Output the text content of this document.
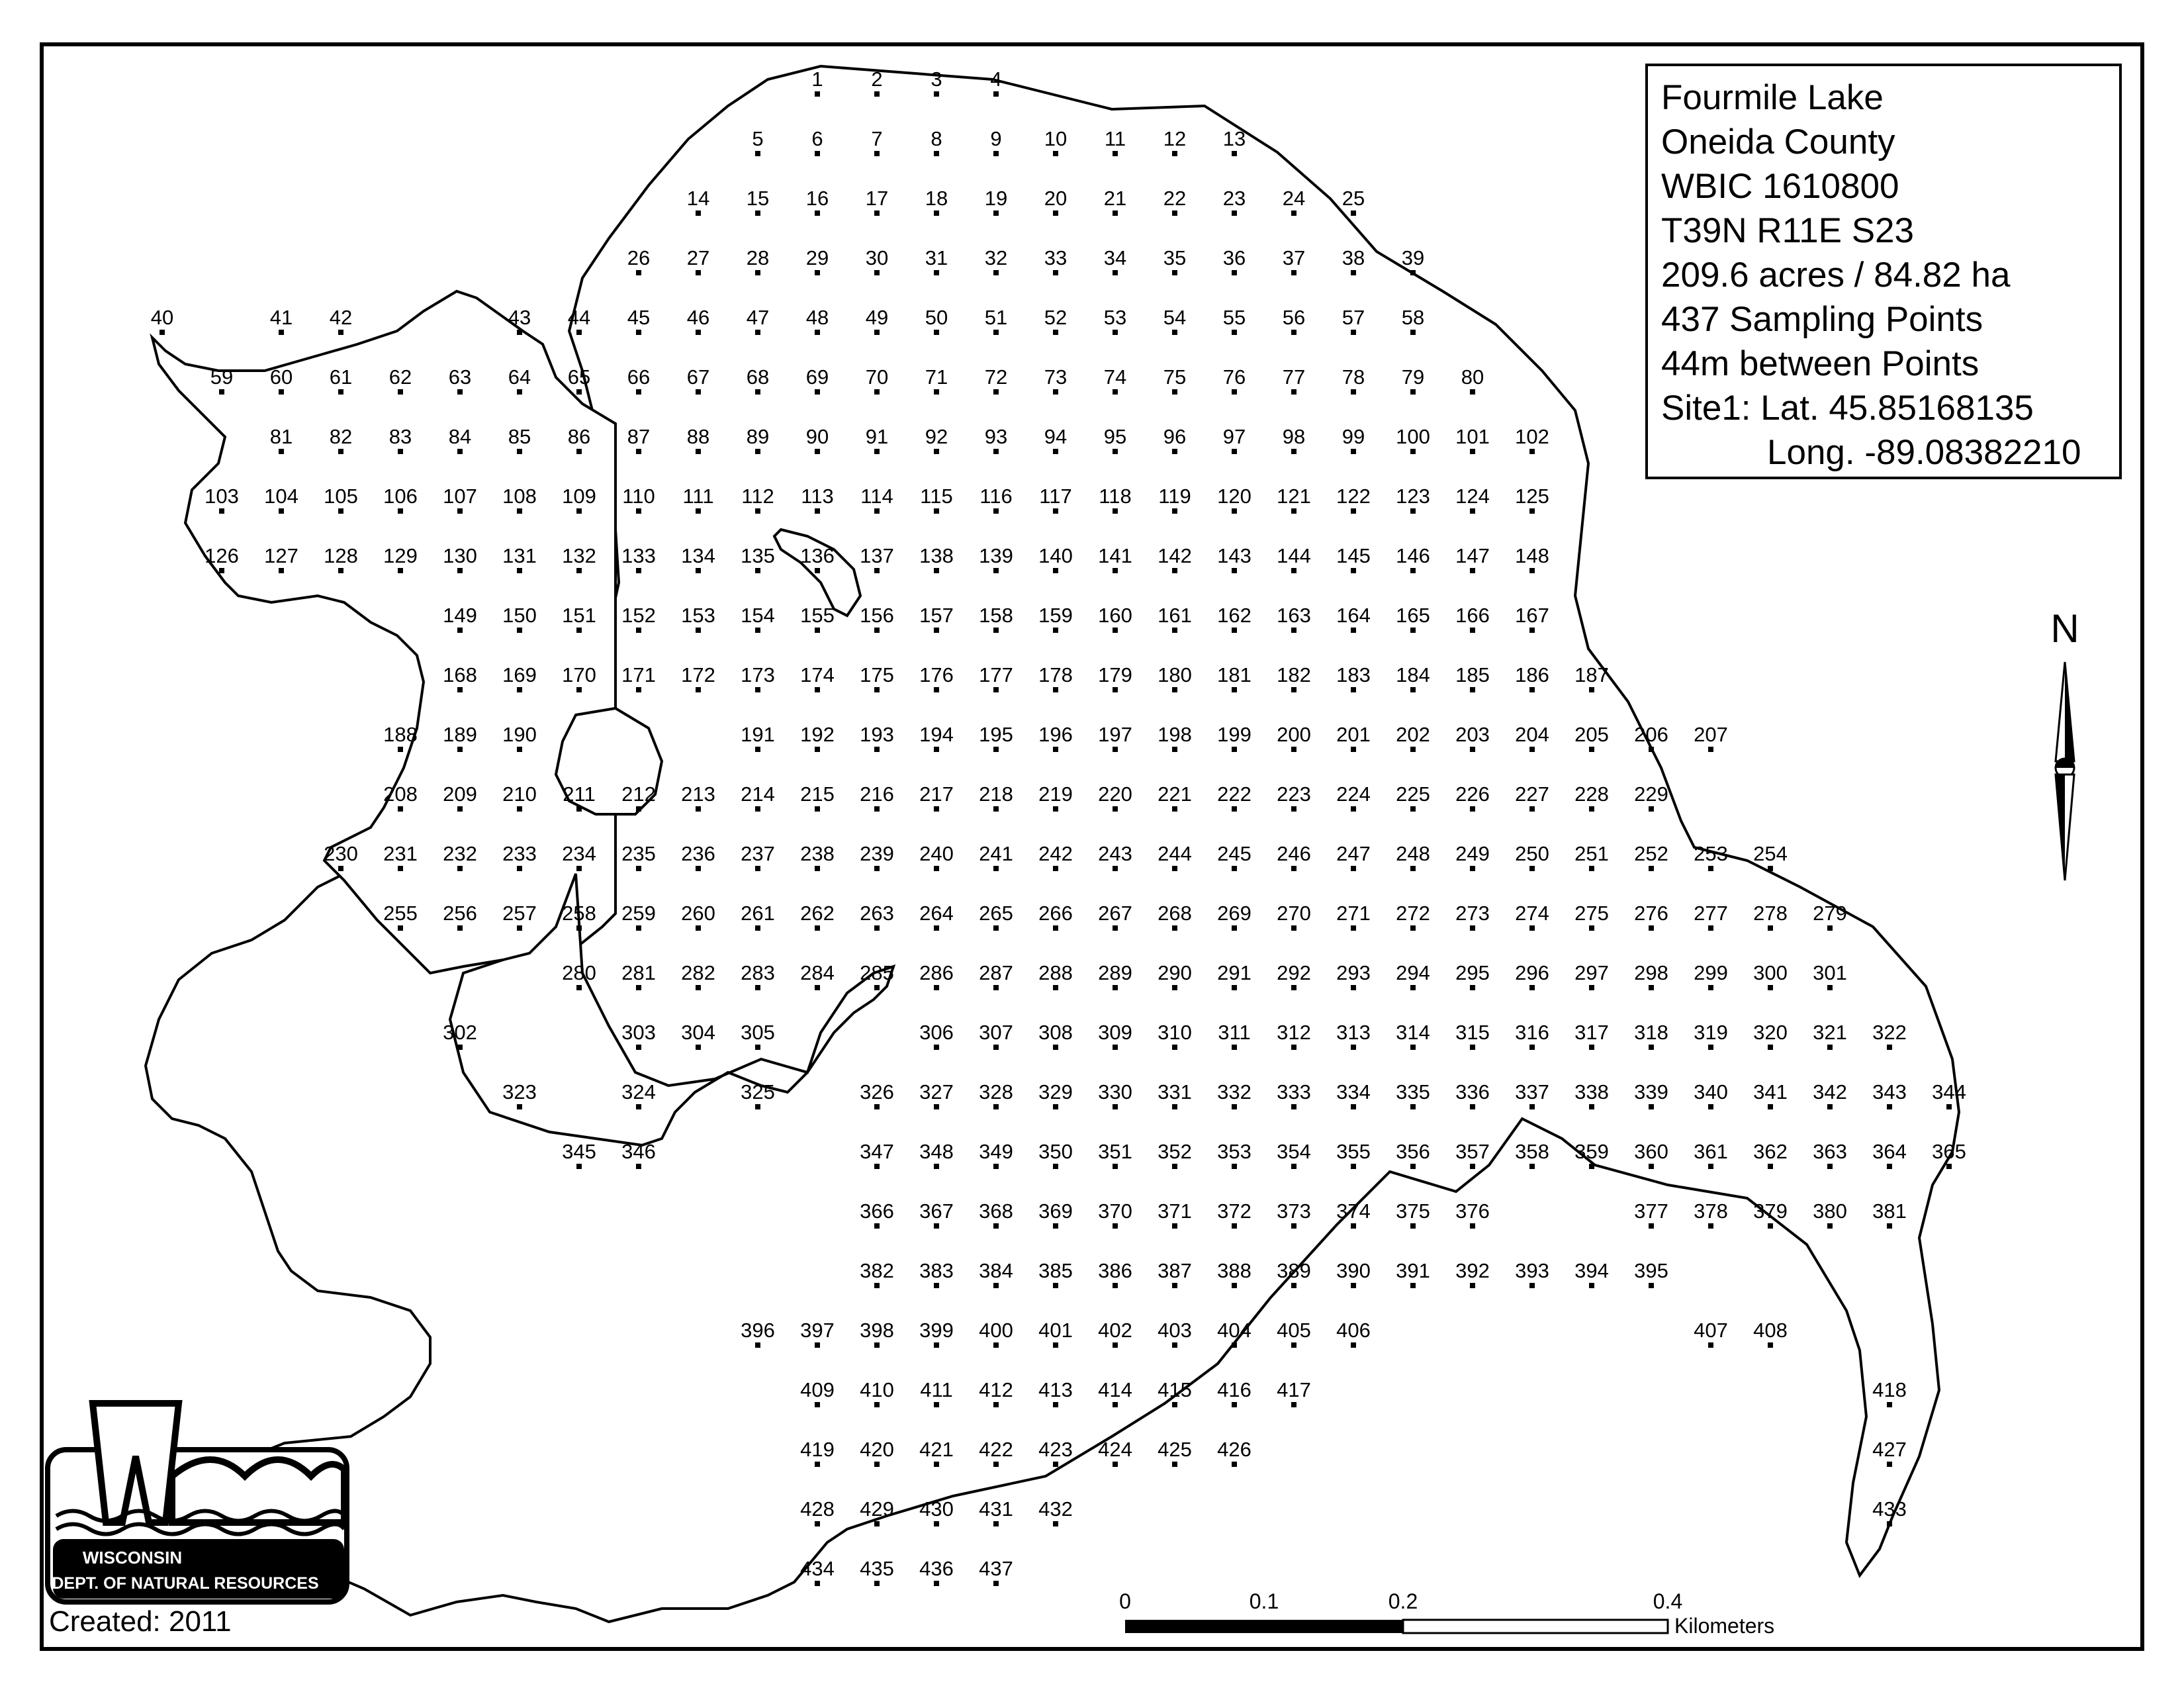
1 2 3 4
5 6 7 8 9 10 11 12 13
14 15 16 17 18 19 20 21 22 23 24 25
26 27 28 29 30 31 32 33 34 35 36 37 38 39
40	41 42	43 44 45 46 47 48 49 50 51 52 53 54 55 56 57 58
59 60 61 62 63 64 65 66 67 68 69 70 71 72 73 74 75 76 77 78 79 80
81 82 83 84 85 86 87 88 89 90 91 92 93 94 95 96 97 98 99 100 101 102
103 104 105 106 107 108 109 110 111 112 113 114 115 116 117 118 119 120 121 122 123 124 125
126 127 128 129 130 131 132 133 134 135 136 137 138 139 140 141 142 143 144 145 146 147 148
149 150 151 152 153 154 155 156 157 158 159 160 161 162 163 164 165 166 167
168 169 170 171 172 173 174 175 176 177 178 179 180 181 182 183 184 185 186 187
188 189 190	191 192 193 194 195 196 197 198 199 200 201 202 203 204 205 206 207
208 209 210 211 212 213 214 215 216 217 218 219 220 221 222 223 224 225 226 227 228 229
230 231 232 233 234 235 236 237 238 239 240 241 242 243 244 245 246 247 248 249 250 251 252 253 254
255 256 257 258 259 260 261 262 263 264 265 266 267 268 269 270 271 272 273 274 275 276 277 278 279
280 281 282 283 284 285 286 287 288 289 290 291 292 293 294 295 296 297 298 299 300 301
302	303 304 305	306 307 308 309 310 311 312 313 314 315 316 317 318 319 320 321 322
323	324	325	326 327 328 329 330 331 332 333 334 335 336 337 338 339 340 341 342 343 344
345 346	347 348 349 350 351 352 353 354 355 356 357 358 359 360 361 362 363 364 365
366 367 368 369 370 371 372 373 374 375 376	377 378 379 380 381
382 383 384 385 386 387 388 389 390 391 392 393 394 395
396 397 398 399 400 401 402 403 404 405 406	407 408
409 410 411 412 413 414 415 416 417	418
419 420 421 422 423 424 425 426	427
428 429 430 431 432	433
434 435 436 437
N
0	0.1	0.2	0.4
Kilometers
WISCONSIN
DEPT. OF NATURAL RESOURCES
Fourmile Lake
Oneida County
WBIC 1610800
T39N R11E S23
209.6 acres / 84.82 ha
437 Sampling Points
44m between Points
Site1: Lat. 45.85168135
Long. -89.08382210
Created: 2011
